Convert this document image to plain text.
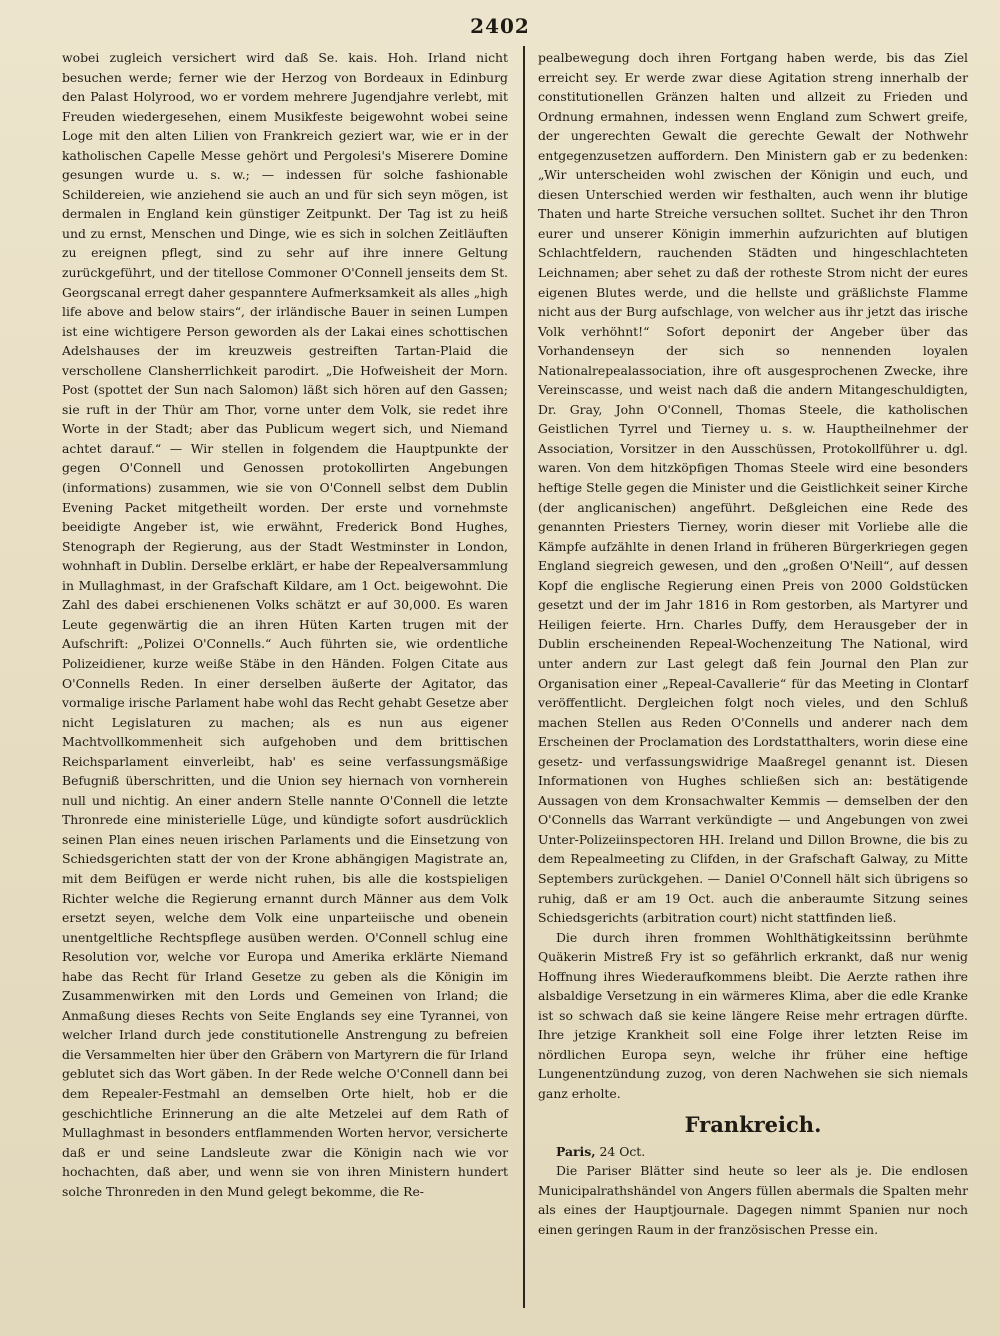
2402

wobei zugleich versichert wird daß Se. kais. Hoh. Irland nicht besuchen werde; ferner wie der Herzog von Bordeaux in Edinburg den Palast Holyrood, wo er vordem mehrere Jugendjahre verlebt, mit Freuden wiedergesehen, einem Musikfeste beigewohnt wobei seine Loge mit den alten Lilien von Frankreich geziert war, wie er in der katholischen Capelle Messe gehört und Pergolesi's Miserere Domine gesungen wurde u. s. w.; — indessen für solche fashionable Schildereien, wie anziehend sie auch an und für sich seyn mögen, ist dermalen in England kein günstiger Zeitpunkt. Der Tag ist zu heiß und zu ernst, Menschen und Dinge, wie es sich in solchen Zeitläuften zu ereignen pflegt, sind zu sehr auf ihre innere Geltung zurückgeführt, und der titellose Commoner O'Connell jenseits dem St. Georgscanal erregt daher gespanntere Aufmerksamkeit als alles „high life above and below stairs“, der irländische Bauer in seinen Lumpen ist eine wichtigere Person geworden als der Lakai eines schottischen Adelshauses der im kreuzweis gestreiften Tartan-Plaid die verschollene Clansherrlichkeit parodirt. „Die Hofweisheit der Morn. Post (spottet der Sun nach Salomon) läßt sich hören auf den Gassen; sie ruft in der Thür am Thor, vorne unter dem Volk, sie redet ihre Worte in der Stadt; aber das Publicum wegert sich, und Niemand achtet darauf.“ — Wir stellen in folgendem die Hauptpunkte der gegen O'Connell und Genossen protokollirten Angebungen (informations) zusammen, wie sie von O'Connell selbst dem Dublin Evening Packet mitgetheilt worden. Der erste und vornehmste beeidigte Angeber ist, wie erwähnt, Frederick Bond Hughes, Stenograph der Regierung, aus der Stadt Westminster in London, wohnhaft in Dublin. Derselbe erklärt, er habe der Repealversammlung in Mullaghmast, in der Grafschaft Kildare, am 1 Oct. beigewohnt. Die Zahl des dabei erschienenen Volks schätzt er auf 30,000. Es waren Leute gegenwärtig die an ihren Hüten Karten trugen mit der Aufschrift: „Polizei O'Connells.“ Auch führten sie, wie ordentliche Polizeidiener, kurze weiße Stäbe in den Händen. Folgen Citate aus O'Connells Reden. In einer derselben äußerte der Agitator, das vormalige irische Parlament habe wohl das Recht gehabt Gesetze aber nicht Legislaturen zu machen; als es nun aus eigener Machtvollkommenheit sich aufgehoben und dem brittischen Reichsparlament einverleibt, hab' es seine verfassungsmäßige Befugniß überschritten, und die Union sey hiernach von vornherein null und nichtig. An einer andern Stelle nannte O'Connell die letzte Thronrede eine ministerielle Lüge, und kündigte sofort ausdrücklich seinen Plan eines neuen irischen Parlaments und die Einsetzung von Schiedsgerichten statt der von der Krone abhängigen Magistrate an, mit dem Beifügen er werde nicht ruhen, bis alle die kostspieligen Richter welche die Regierung ernannt durch Männer aus dem Volk ersetzt seyen, welche dem Volk eine unparteiische und obenein unentgeltliche Rechtspflege ausüben werden. O'Connell schlug eine Resolution vor, welche vor Europa und Amerika erklärte Niemand habe das Recht für Irland Gesetze zu geben als die Königin im Zusammenwirken mit den Lords und Gemeinen von Irland; die Anmaßung dieses Rechts von Seite Englands sey eine Tyrannei, von welcher Irland durch jede constitutionelle Anstrengung zu befreien die Versammelten hier über den Gräbern von Martyrern die für Irland geblutet sich das Wort gäben. In der Rede welche O'Connell dann bei dem Repealer-Festmahl an demselben Orte hielt, hob er die geschichtliche Erinnerung an die alte Metzelei auf dem Rath of Mullaghmast in besonders entflammenden Worten hervor, versicherte daß er und seine Landsleute zwar die Königin nach wie vor hochachten, daß aber, und wenn sie von ihren Ministern hundert solche Thronreden in den Mund gelegt bekomme, die Re-

pealbewegung doch ihren Fortgang haben werde, bis das Ziel erreicht sey. Er werde zwar diese Agitation streng innerhalb der constitutionellen Gränzen halten und allzeit zu Frieden und Ordnung ermahnen, indessen wenn England zum Schwert greife, der ungerechten Gewalt die gerechte Gewalt der Nothwehr entgegenzusetzen auffordern. Den Ministern gab er zu bedenken: „Wir unterscheiden wohl zwischen der Königin und euch, und diesen Unterschied werden wir festhalten, auch wenn ihr blutige Thaten und harte Streiche versuchen solltet. Suchet ihr den Thron eurer und unserer Königin immerhin aufzurichten auf blutigen Schlachtfeldern, rauchenden Städten und hingeschlachteten Leichnamen; aber sehet zu daß der rotheste Strom nicht der eures eigenen Blutes werde, und die hellste und gräßlichste Flamme nicht aus der Burg aufschlage, von welcher aus ihr jetzt das irische Volk verhöhnt!“ Sofort deponirt der Angeber über das Vorhandenseyn der sich so nennenden loyalen Nationalrepealassociation, ihre oft ausgesprochenen Zwecke, ihre Vereinscasse, und weist nach daß die andern Mitangeschuldigten, Dr. Gray, John O'Connell, Thomas Steele, die katholischen Geistlichen Tyrrel und Tierney u. s. w. Hauptheilnehmer der Association, Vorsitzer in den Ausschüssen, Protokollführer u. dgl. waren. Von dem hitzköpfigen Thomas Steele wird eine besonders heftige Stelle gegen die Minister und die Geistlichkeit seiner Kirche (der anglicanischen) angeführt. Deßgleichen eine Rede des genannten Priesters Tierney, worin dieser mit Vorliebe alle die Kämpfe aufzählte in denen Irland in früheren Bürgerkriegen gegen England siegreich gewesen, und den „großen O'Neill“, auf dessen Kopf die englische Regierung einen Preis von 2000 Goldstücken gesetzt und der im Jahr 1816 in Rom gestorben, als Martyrer und Heiligen feierte. Hrn. Charles Duffy, dem Herausgeber der in Dublin erscheinenden Repeal-Wochenzeitung The National, wird unter andern zur Last gelegt daß fein Journal den Plan zur Organisation einer „Repeal-Cavallerie“ für das Meeting in Clontarf veröffentlicht. Dergleichen folgt noch vieles, und den Schluß machen Stellen aus Reden O'Connells und anderer nach dem Erscheinen der Proclamation des Lordstatthalters, worin diese eine gesetz- und verfassungswidrige Maaßregel genannt ist. Diesen Informationen von Hughes schließen sich an: bestätigende Aussagen von dem Kronsachwalter Kemmis — demselben der den O'Connells das Warrant verkündigte — und Angebungen von zwei Unter-Polizeiinspectoren HH. Ireland und Dillon Browne, die bis zu dem Repealmeeting zu Clifden, in der Grafschaft Galway, zu Mitte Septembers zurückgehen. — Daniel O'Connell hält sich übrigens so ruhig, daß er am 19 Oct. auch die anberaumte Sitzung seines Schiedsgerichts (arbitration court) nicht stattfinden ließ.

Die durch ihren frommen Wohlthätigkeitssinn berühmte Quäkerin Mistreß Fry ist so gefährlich erkrankt, daß nur wenig Hoffnung ihres Wiederaufkommens bleibt. Die Aerzte rathen ihre alsbaldige Versetzung in ein wärmeres Klima, aber die edle Kranke ist so schwach daß sie keine längere Reise mehr ertragen dürfte. Ihre jetzige Krankheit soll eine Folge ihrer letzten Reise im nördlichen Europa seyn, welche ihr früher eine heftige Lungenentzündung zuzog, von deren Nachwehen sie sich niemals ganz erholte.

Frankreich.

Paris, 24 Oct.

Die Pariser Blätter sind heute so leer als je. Die endlosen Municipalrathshändel von Angers füllen abermals die Spalten mehr als eines der Hauptjournale. Dagegen nimmt Spanien nur noch einen geringen Raum in der französischen Presse ein.
